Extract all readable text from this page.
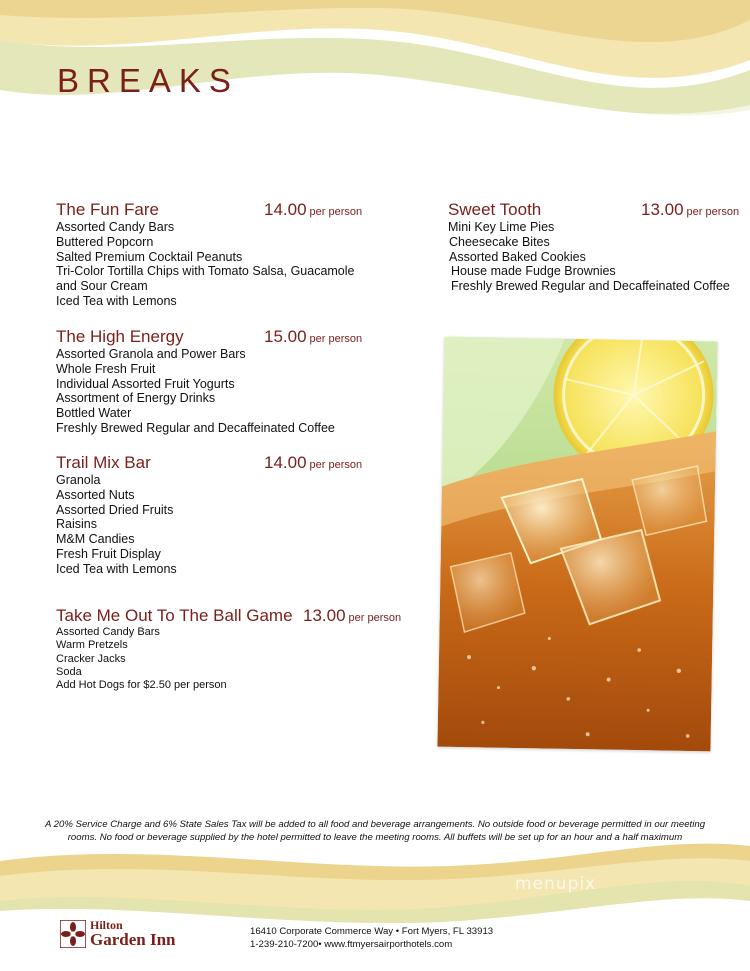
BREAKS
The Fun Fare	14.00 per person
Assorted Candy Bars
Buttered Popcorn
Salted Premium Cocktail Peanuts
Tri-Color Tortilla Chips with Tomato Salsa, Guacamole
and Sour Cream
Iced Tea with Lemons
Sweet Tooth	13.00 per person
Mini Key Lime Pies
Cheesecake Bites
Assorted Baked Cookies
House made Fudge Brownies
Freshly Brewed Regular and Decaffeinated Coffee
The High Energy	15.00 per person
Assorted Granola and Power Bars
Whole Fresh Fruit
Individual Assorted Fruit Yogurts
Assortment of Energy Drinks
Bottled Water
Freshly Brewed Regular and Decaffeinated Coffee
Trail Mix Bar	14.00 per person
Granola
Assorted Nuts
Assorted Dried Fruits
Raisins
M&M Candies
Fresh Fruit Display
Iced Tea with Lemons
Take Me Out To The Ball Game 13.00 per person
Assorted Candy Bars
Warm Pretzels
Cracker Jacks
Soda
Add Hot Dogs for $2.50 per person

A 20% Service Charge and 6% State Sales Tax will be added to all food and beverage arrangements. No outside food or beverage permitted in our meeting rooms. No food or beverage supplied by the hotel permitted to leave the meeting rooms. All buffets will be set up for an hour and a half maximum

menupix
Hilton
Garden Inn	16410 Corporate Commerce Way • Fort Myers, FL 33913
1-239-210-7200• www.ftmyersairporthotels.com
